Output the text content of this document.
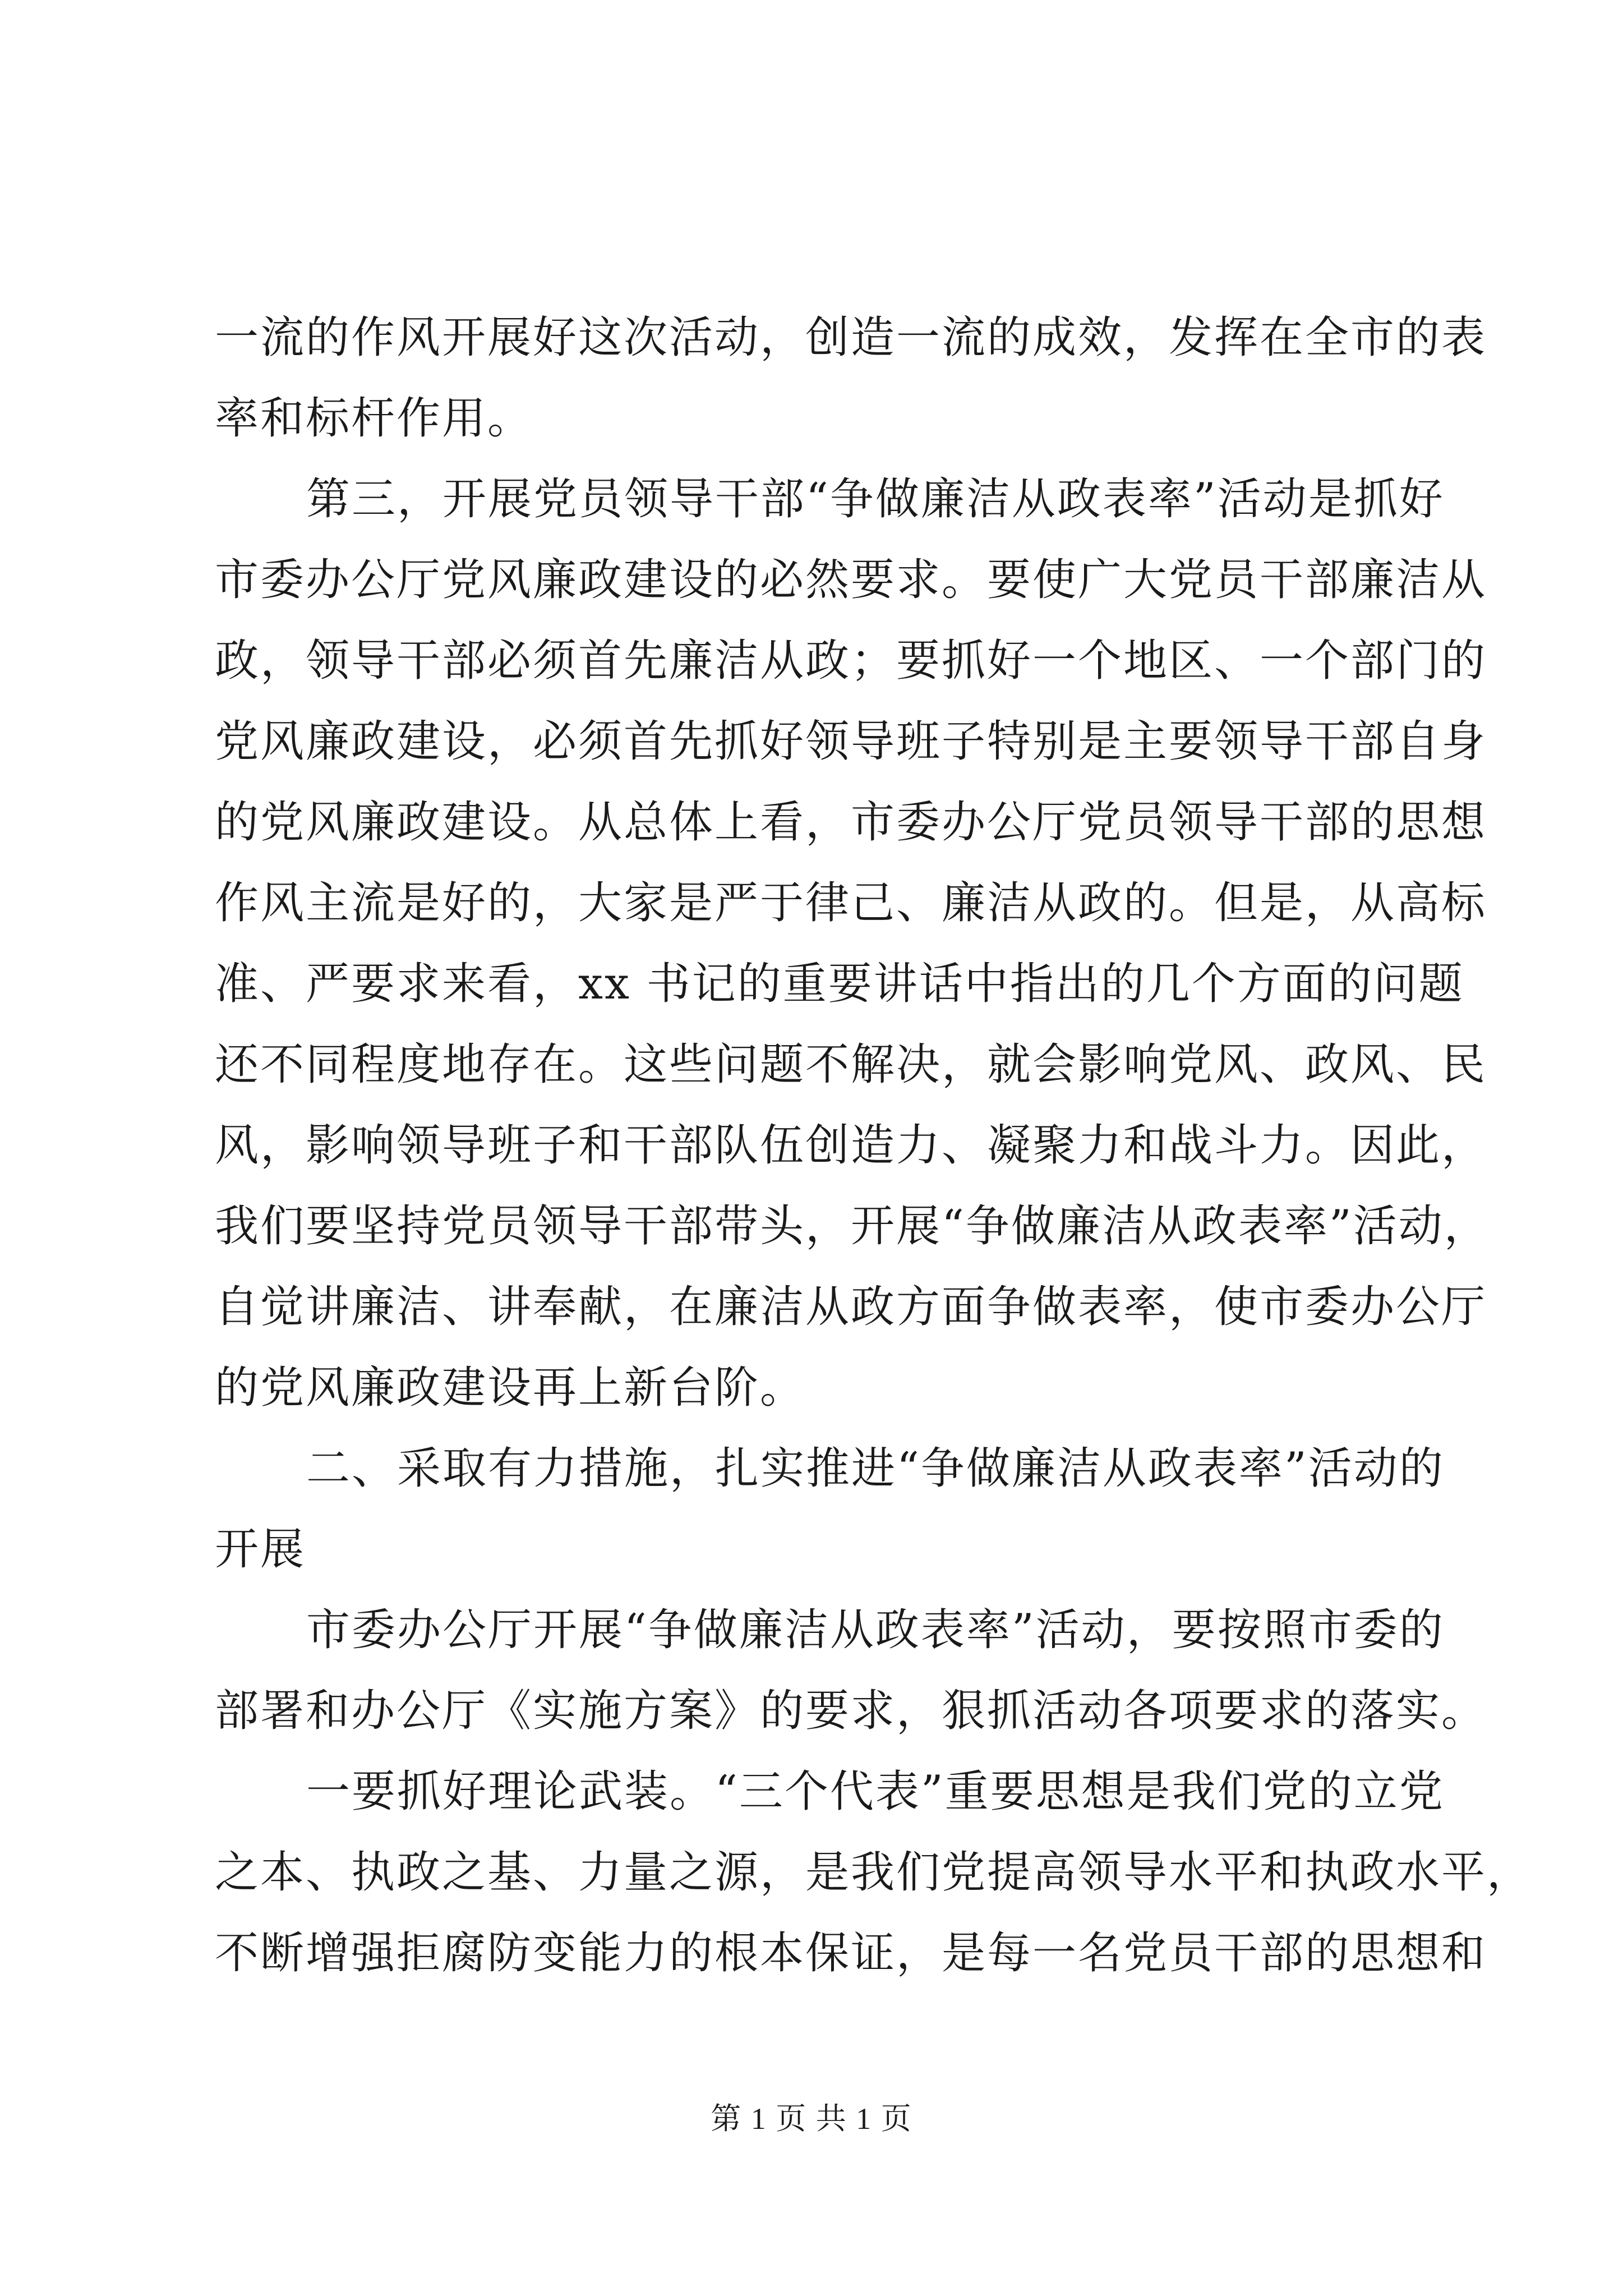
一流的作风开展好这次活动，创造一流的成效，发挥在全市的表
率和标杆作用。
第三，开展党员领导干部“争做廉洁从政表率”活动是抓好
市委办公厅党风廉政建设的必然要求。要使广大党员干部廉洁从
政，领导干部必须首先廉洁从政；要抓好一个地区、一个部门的
党风廉政建设，必须首先抓好领导班子特别是主要领导干部自身
的党风廉政建设。从总体上看，市委办公厅党员领导干部的思想
作风主流是好的，大家是严于律己、廉洁从政的。但是，从高标
准、严要求来看，xx 书记的重要讲话中指出的几个方面的问题
还不同程度地存在。这些问题不解决，就会影响党风、政风、民
风，影响领导班子和干部队伍创造力、凝聚力和战斗力。因此，
我们要坚持党员领导干部带头，开展“争做廉洁从政表率”活动，
自觉讲廉洁、讲奉献，在廉洁从政方面争做表率，使市委办公厅
的党风廉政建设再上新台阶。
二、采取有力措施，扎实推进“争做廉洁从政表率”活动的
开展
市委办公厅开展“争做廉洁从政表率”活动，要按照市委的
部署和办公厅《实施方案》的要求，狠抓活动各项要求的落实。
一要抓好理论武装。“三个代表”重要思想是我们党的立党
之本、执政之基、力量之源，是我们党提高领导水平和执政水平，
不断增强拒腐防变能力的根本保证，是每一名党员干部的思想和
第 1 页 共 1 页
